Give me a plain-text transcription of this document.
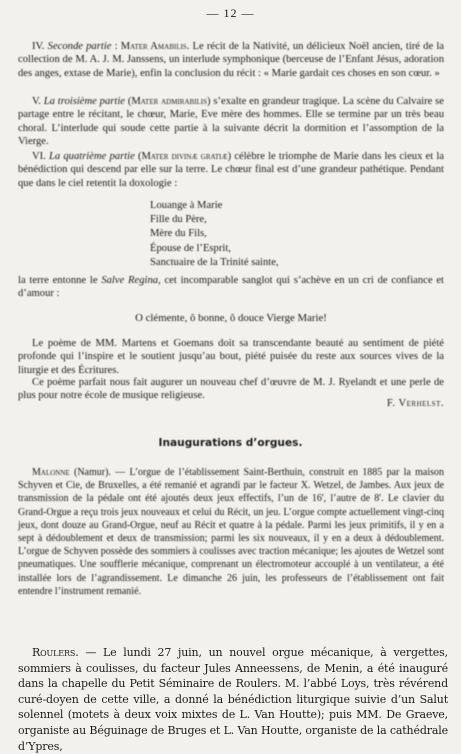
— 12 —

IV. Seconde partie : Mater Amabilis. Le récit de la Nativité, un délicieux Noël ancien, tiré de la collection de M. A. J. M. Janssens, un interlude symphonique (berceuse de l’Enfant Jésus, adoration des anges, extase de Marie), enfin la conclusion du récit : « Marie gardait ces choses en son cœur. »

V. La troisième partie (Mater admirabilis) s’exalte en grandeur tragique. La scène du Calvaire se partage entre le récitant, le chœur, Marie, Eve mère des hommes. Elle se termine par un très beau choral. L’interlude qui soude cette partie à la suivante décrit la dormition et l’assomption de la Vierge.

VI. La quatrième partie (Mater divinæ gratiæ) célèbre le triomphe de Marie dans les cieux et la bénédiction qui descend par elle sur la terre. Le chœur final est d’une grandeur pathétique. Pendant que dans le ciel retentit la doxologie :

Louange à Marie
Fille du Père,
Mère du Fils,
Épouse de l’Esprit,
Sanctuaire de la Trinité sainte,

la terre entonne le Salve Regina, cet incomparable sanglot qui s’achève en un cri de confiance et d’amour :

O clémente, ô bonne, ô douce Vierge Marie!

Le poème de MM. Martens et Goemans doit sa transcendante beauté au sentiment de piété profonde qui l’inspire et le soutient jusqu’au bout, piété puisée du reste aux sources vives de la liturgie et des Écritures.

Ce poème parfait nous fait augurer un nouveau chef d’œuvre de M. J. Ryelandt et une perle de plus pour notre école de musique religieuse.

F. Verhelst.
Inaugurations d’orgues.

Malonne (Namur). — L’orgue de l’établissement Saint-Berthuin, construit en 1885 par la maison Schyven et Cie, de Bruxelles, a été remanié et agrandi par le facteur X. Wetzel, de Jambes. Aux jeux de transmission de la pédale ont été ajoutés deux jeux effectifs, l’un de 16', l’autre de 8'. Le clavier du Grand-Orgue a reçu trois jeux nouveaux et celui du Récit, un jeu. L’orgue compte actuellement vingt-cinq jeux, dont douze au Grand-Orgue, neuf au Récit et quatre à la pédale. Parmi les jeux primitifs, il y en a sept à dédoublement et deux de transmission; parmi les six nouveaux, il y en a deux à dédoublement. L’orgue de Schyven possède des sommiers à coulisses avec traction mécanique; les ajoutes de Wetzel sont pneumatiques. Une soufflerie mécanique, comprenant un électromoteur accouplé à un ventilateur, a été installée lors de l’agrandissement. Le dimanche 26 juin, les professeurs de l’établissement ont fait entendre l’instrument remanié.

Roulers. — Le lundi 27 juin, un nouvel orgue mécanique, à vergettes, sommiers à coulisses, du facteur Jules Anneessens, de Menin, a été inauguré dans la chapelle du Petit Séminaire de Roulers. M. l’abbé Loys, très révérend curé-doyen de cette ville, a donné la bénédiction liturgique suivie d’un Salut solennel (motets à deux voix mixtes de L. Van Houtte); puis MM. De Graeve, organiste au Béguinage de Bruges et L. Van Houtte, organiste de la cathédrale d’Ypres,
